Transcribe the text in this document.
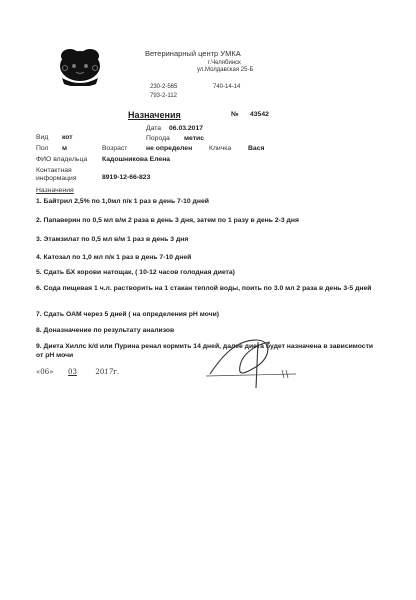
Ветеринарный центр УМКА
г.Челябинск
ул.Молдавская 25-Б
230-2-565	740-14-14
793-2-112
Назначения	№ 43542
Дата 06.03.2017
Вид кот	Порода метис
Пол м	Возраст	не определен Кличка Вася
ФИО владельца Кадошникова Елена
Контактная
информация	8919-12-66-823
Назначения
1. Байтрил 2,5% по 1,0мл п/к 1 раз в день 7-10 дней
2. Папаверин по 0,5 мл в/м 2 раза в день 3 дня, затем по 1 разу в день 2-3 дня
3. Этамзилат по 0,5 мл в/м 1 раз в день 3 дня
4. Катозал по 1,0 мл п/к 1 раз в день 7-10 дней
5. Сдать БХ корови натощак, ( 10-12 часов голодная диета)
6. Сода пищевая 1 ч.л. растворить на 1 стакан теплой воды, поить по 3.0 мл 2 раза в день 3-5 дней
7. Сдать ОАМ через 5 дней ( на определения рН мочи)
8. Доназначение по результату анализов
9. Диета Хиллс k/d или Пурина ренал кормить 14 дней, далее диета будет назначена в зависимости от pH мочи
«06» 03	2017г.
